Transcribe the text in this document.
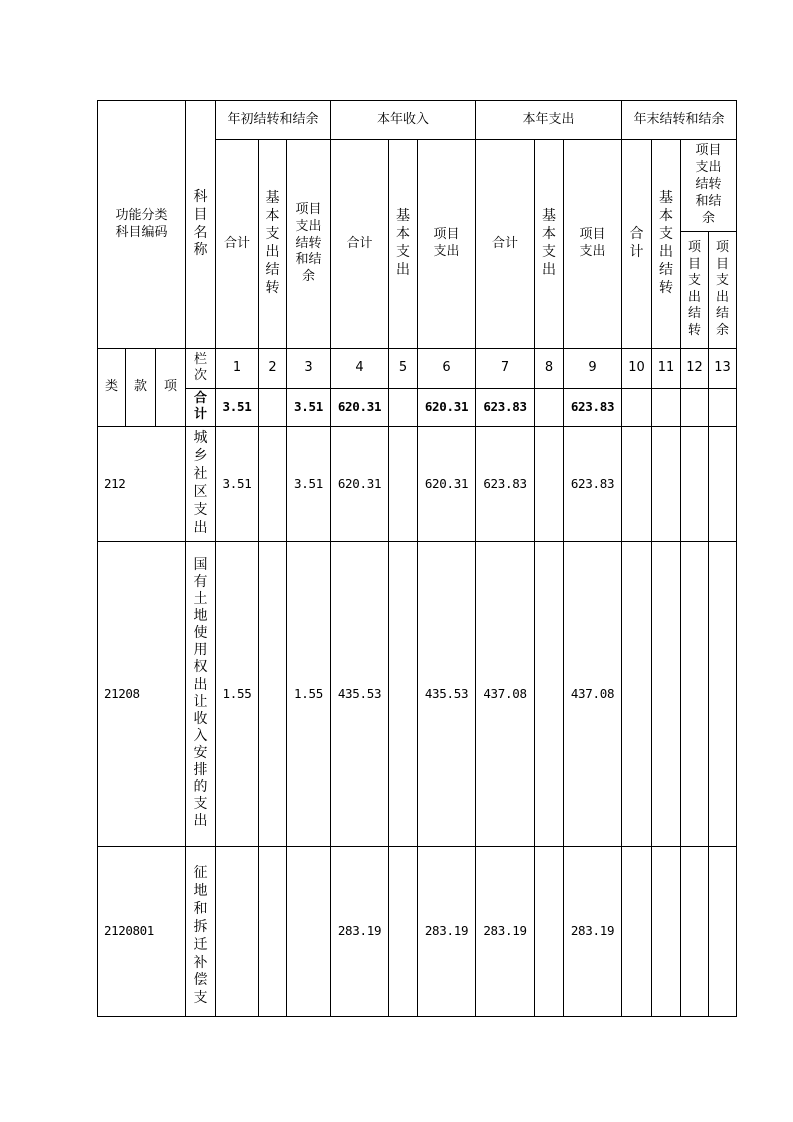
功能分类科目编码			科目名称	年初结转和结余			本年收入			本年支出			年末结转和结余			
				合计	基本支出结转	项目支出结转和结余	合计	基本支出	项目支出	合计	基本支出	项目支出	合计	基本支出结转	项目支出结转和结余	
															项目支出结转	项目支出结余

类	款	项	栏次	1	2	3	4	5	6	7	8	9	10	11	12	13
			合计	3.51		3.51	620.31		620.31	623.83		623.83				
212			城乡社区支出	3.51		3.51	620.31		620.31	623.83		623.83				
21208			国有土地使用权出让收入安排的支出	1.55		1.55	435.53		435.53	437.08		437.08				
2120801			征地和拆迁补偿支				283.19		283.19	283.19		283.19				
